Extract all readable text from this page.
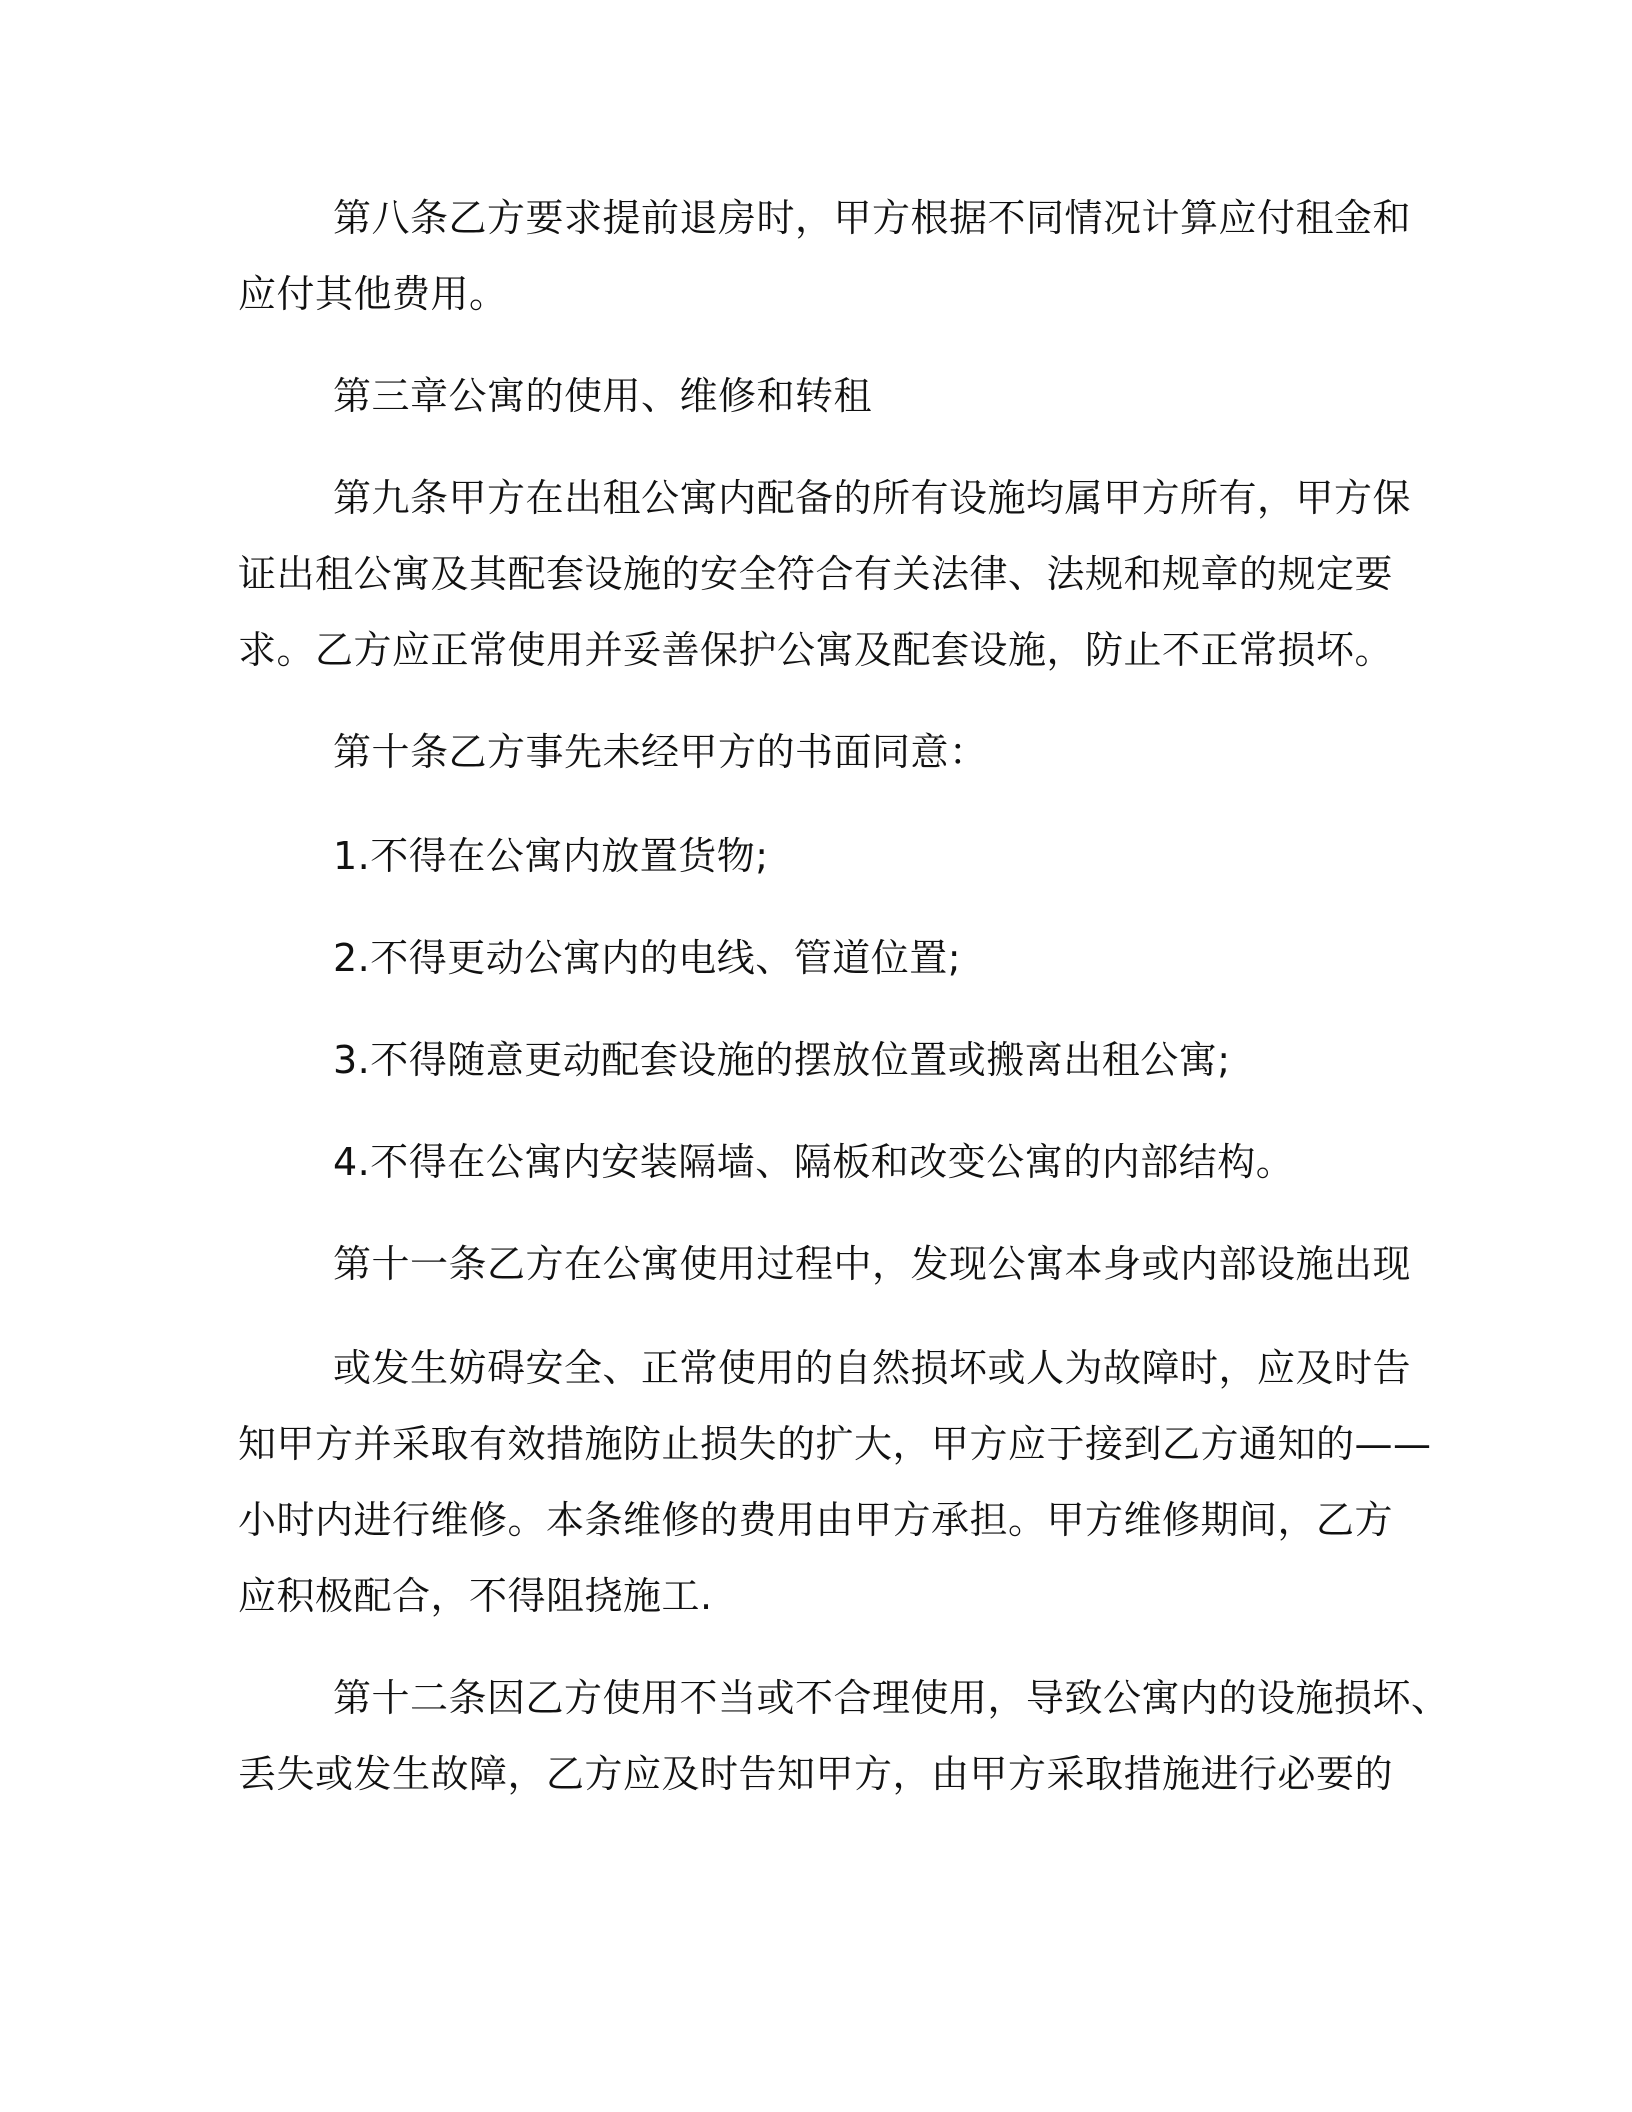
第八条乙方要求提前退房时，甲方根据不同情况计算应付租金和
应付其他费用。
第三章公寓的使用、维修和转租
第九条甲方在出租公寓内配备的所有设施均属甲方所有，甲方保
证出租公寓及其配套设施的安全符合有关法律、法规和规章的规定要
求。乙方应正常使用并妥善保护公寓及配套设施，防止不正常损坏。
第十条乙方事先未经甲方的书面同意：
1.不得在公寓内放置货物;
2.不得更动公寓内的电线、管道位置;
3.不得随意更动配套设施的摆放位置或搬离出租公寓;
4.不得在公寓内安装隔墙、隔板和改变公寓的内部结构。
第十一条乙方在公寓使用过程中，发现公寓本身或内部设施出现
或发生妨碍安全、正常使用的自然损坏或人为故障时，应及时告
知甲方并采取有效措施防止损失的扩大，甲方应于接到乙方通知的——
小时内进行维修。本条维修的费用由甲方承担。甲方维修期间，乙方
应积极配合，不得阻挠施工.
第十二条因乙方使用不当或不合理使用，导致公寓内的设施损坏、
丢失或发生故障，乙方应及时告知甲方，由甲方采取措施进行必要的
